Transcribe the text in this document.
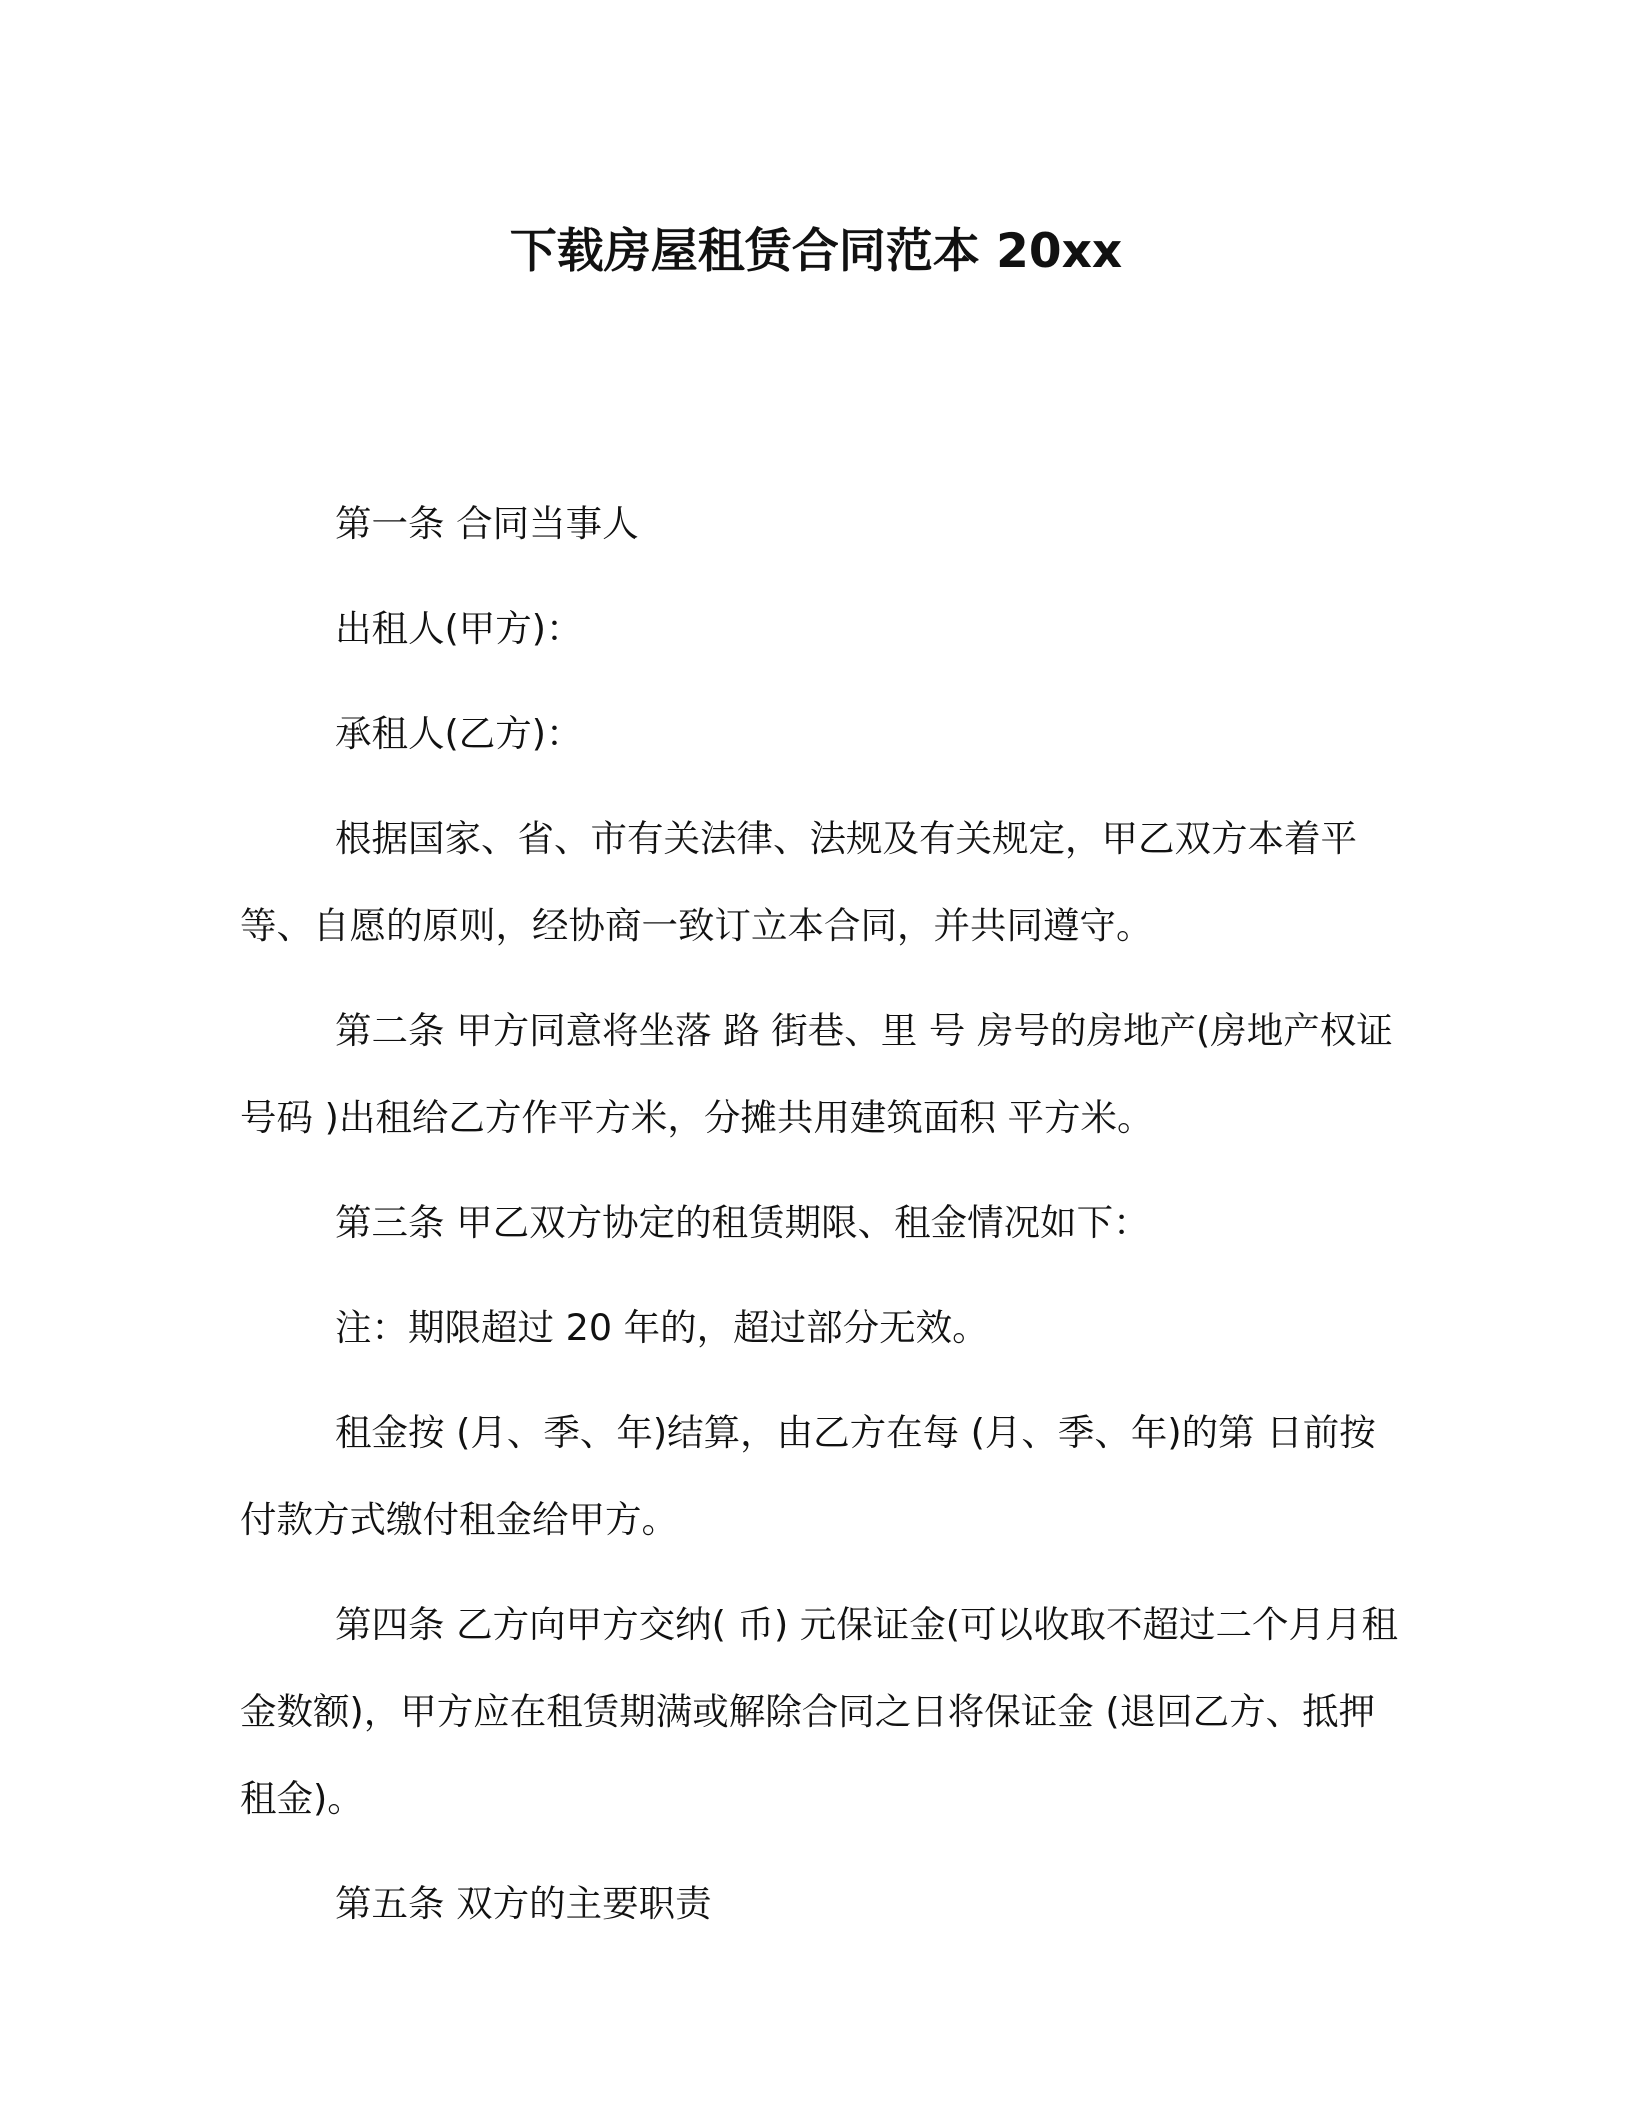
下载房屋租赁合同范本 20xx

第一条 合同当事人

出租人(甲方)：

承租人(乙方)：

根据国家、省、市有关法律、法规及有关规定，甲乙双方本着平等、自愿的原则，经协商一致订立本合同，并共同遵守。

第二条 甲方同意将坐落 路 街巷、里 号 房号的房地产(房地产权证号码 )出租给乙方作平方米，分摊共用建筑面积 平方米。

第三条 甲乙双方协定的租赁期限、租金情况如下：

注：期限超过 20 年的，超过部分无效。

租金按 (月、季、年)结算，由乙方在每 (月、季、年)的第 日前按付款方式缴付租金给甲方。

第四条 乙方向甲方交纳( 币) 元保证金(可以收取不超过二个月月租金数额)，甲方应在租赁期满或解除合同之日将保证金 (退回乙方、抵押租金)。

第五条 双方的主要职责
